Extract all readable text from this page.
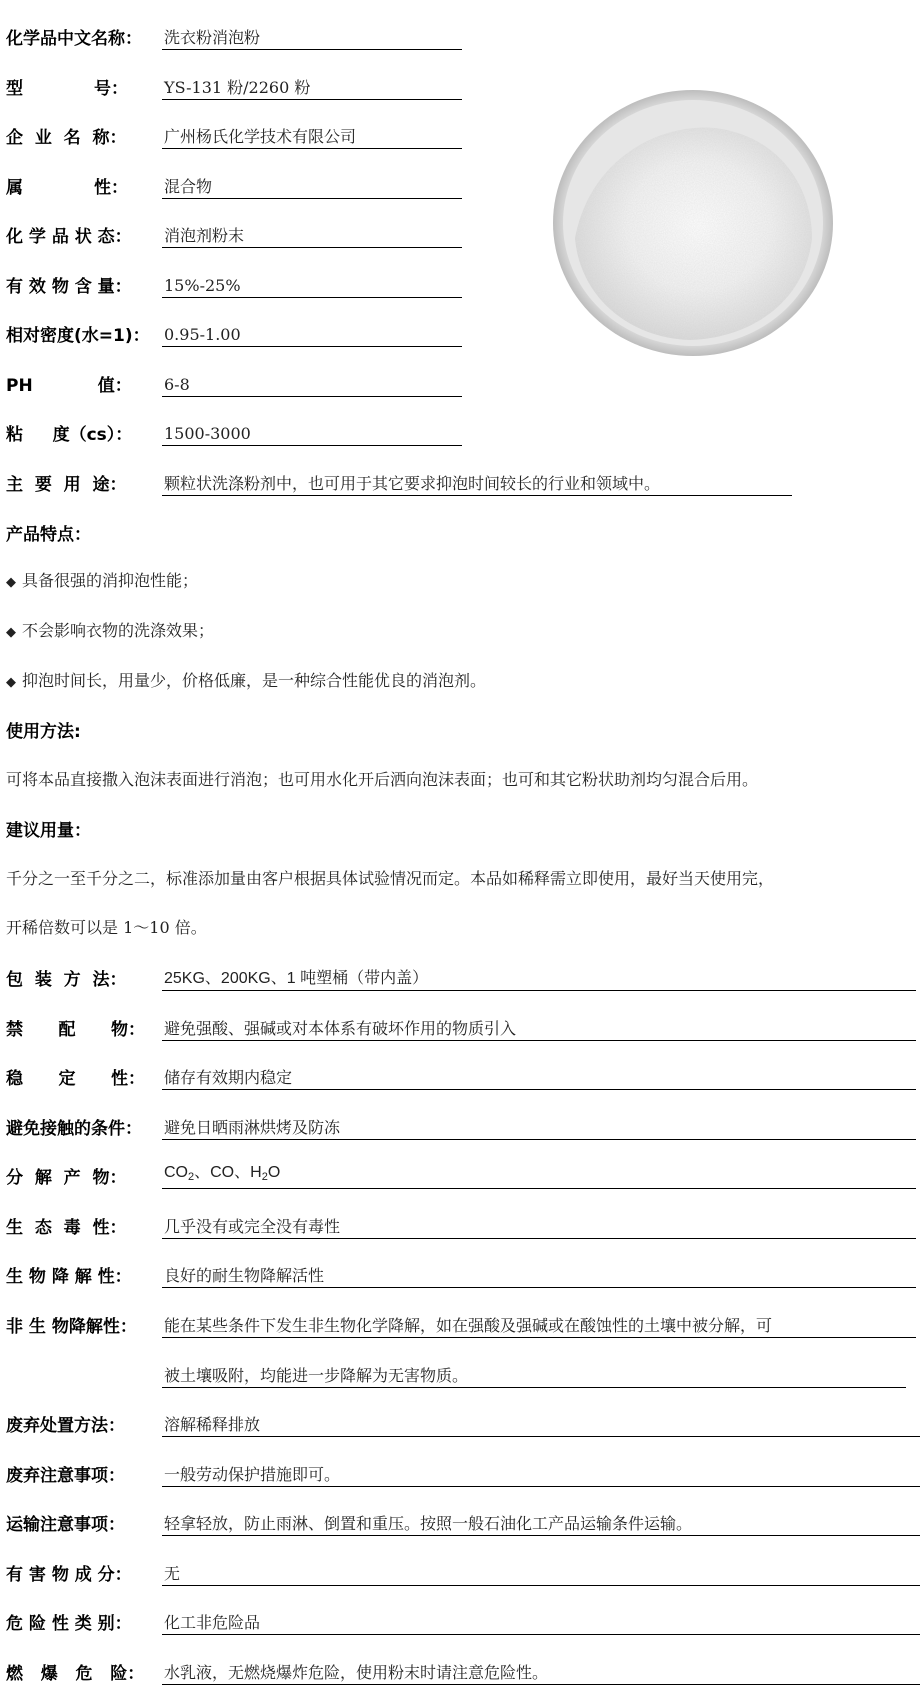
化学品中文名称： 洗衣粉消泡粉
型            号： YS-131 粉/2260 粉
企  业  名  称： 广州杨氏化学技术有限公司
属            性： 混合物
化 学 品 状 态： 消泡剂粉末
有 效 物 含 量： 15%-25%
相对密度(水=1)： 0.95-1.00
PH           值： 6-8
粘     度（cs）： 1500-3000
主  要  用  途： 颗粒状洗涤粉剂中，也可用于其它要求抑泡时间较长的行业和领域中。
产品特点：
◆ 具备很强的消抑泡性能；
◆ 不会影响衣物的洗涤效果；
◆ 抑泡时间长，用量少，价格低廉，是一种综合性能优良的消泡剂。
使用方法:
可将本品直接撒入泡沫表面进行消泡；也可用水化开后洒向泡沫表面；也可和其它粉状助剂均匀混合后用。
建议用量：
千分之一至千分之二，标准添加量由客户根据具体试验情况而定。本品如稀释需立即使用，最好当天使用完，
开稀倍数可以是 1～10 倍。
包  装  方  法： 25KG、200KG、1 吨塑桶（带内盖）
禁      配      物： 避免强酸、强碱或对本体系有破坏作用的物质引入
稳      定      性： 储存有效期内稳定
避免接触的条件： 避免日晒雨淋烘烤及防冻
分  解  产  物： $CO_2$、CO、$H_2O$
生  态  毒  性： 几乎没有或完全没有毒性
生 物 降 解 性： 良好的耐生物降解活性
非 生 物降解性： 能在某些条件下发生非生物化学降解，如在强酸及强碱或在酸蚀性的土壤中被分解，可
被土壤吸附，均能进一步降解为无害物质。
废弃处置方法： 溶解稀释排放
废弃注意事项： 一般劳动保护措施即可。
运输注意事项： 轻拿轻放，防止雨淋、倒置和重压。按照一般石油化工产品运输条件运输。
有 害 物 成 分： 无
危 险 性 类 别： 化工非危险品
燃   爆   危   险： 水乳液，无燃烧爆炸危险，使用粉末时请注意危险性。
